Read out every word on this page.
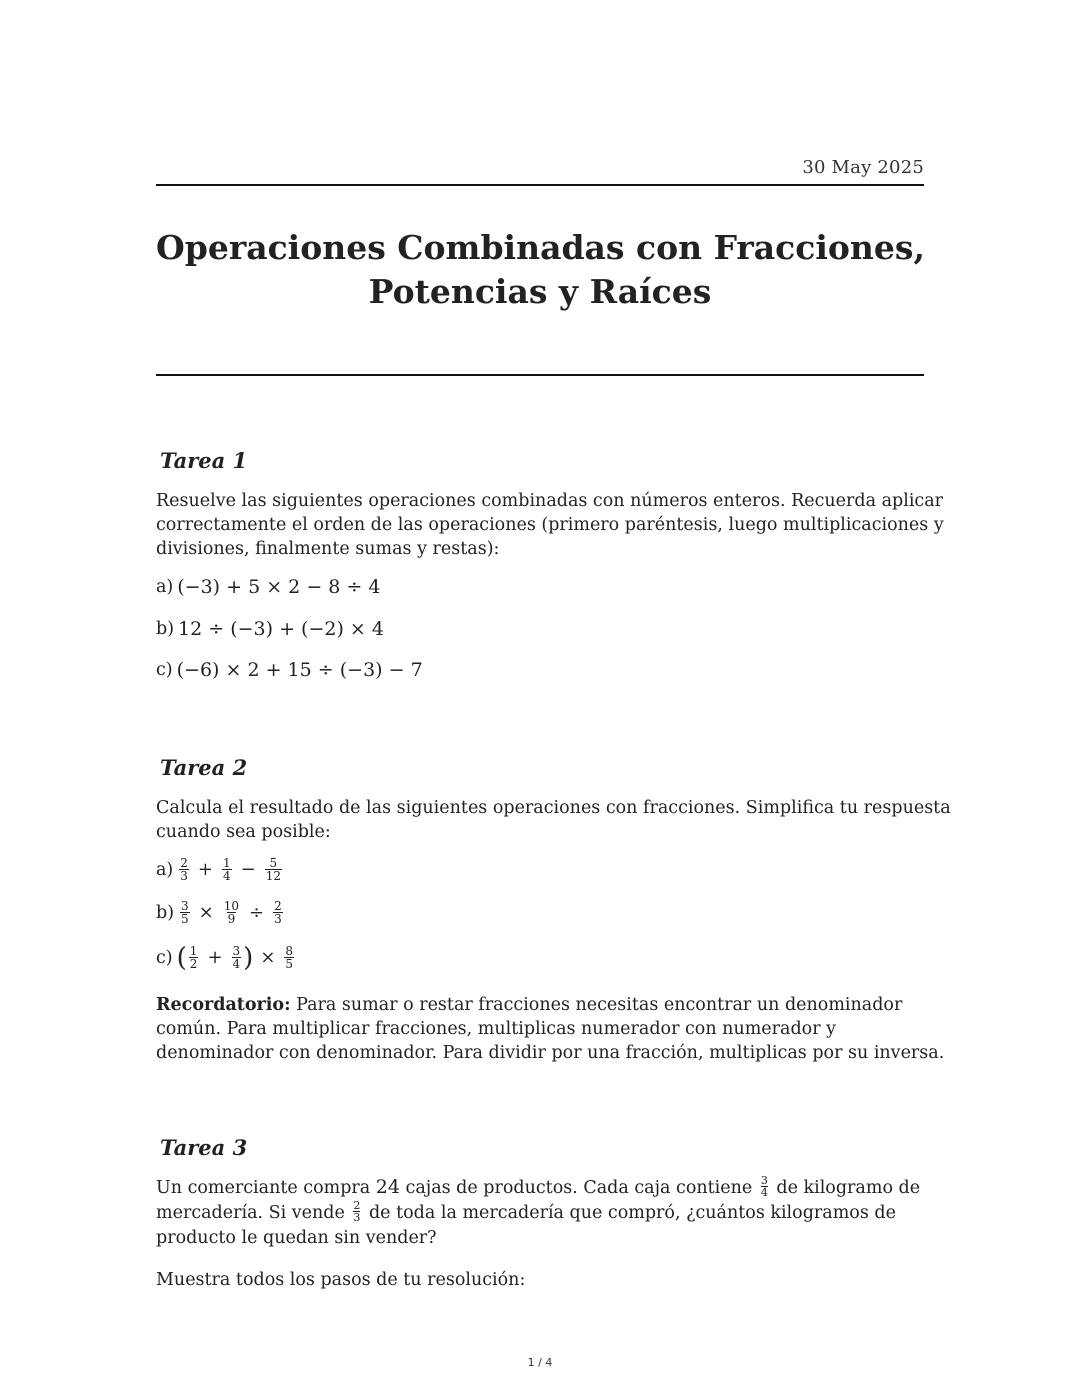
30 May 2025
Operaciones Combinadas con Fracciones,
Potencias y Raíces
Tarea 1
Resuelve las siguientes operaciones combinadas con números enteros. Recuerda aplicar
correctamente el orden de las operaciones (primero paréntesis, luego multiplicaciones y
divisiones, finalmente sumas y restas):
a) (−3) + 5 × 2 − 8 ÷ 4
b) 12 ÷ (−3) + (−2) × 4
c) (−6) × 2 + 15 ÷ (−3) − 7
Tarea 2
Calcula el resultado de las siguientes operaciones con fracciones. Simplifica tu respuesta
cuando sea posible:
$a) \frac{2}{3} + \frac{1}{4} - \frac{5}{12}$
$b) \frac{3}{5} \times \frac{10}{9} \div \frac{2}{3}$
c) ( $\frac{1}{2} + \frac{3}{4}$ ) × $\frac{8}{5}$
Recordatorio: Para sumar o restar fracciones necesitas encontrar un denominador
común. Para multiplicar fracciones, multiplicas numerador con numerador y
denominador con denominador. Para dividir por una fracción, multiplicas por su inversa.
Tarea 3
Un comerciante compra 24 cajas de productos. Cada caja contiene $\frac{3}{4}$ de kilogramo de
mercadería. Si vende $\frac{2}{3}$ de toda la mercadería que compró, ¿cuántos kilogramos de
producto le quedan sin vender?
Muestra todos los pasos de tu resolución:
1 / 4
